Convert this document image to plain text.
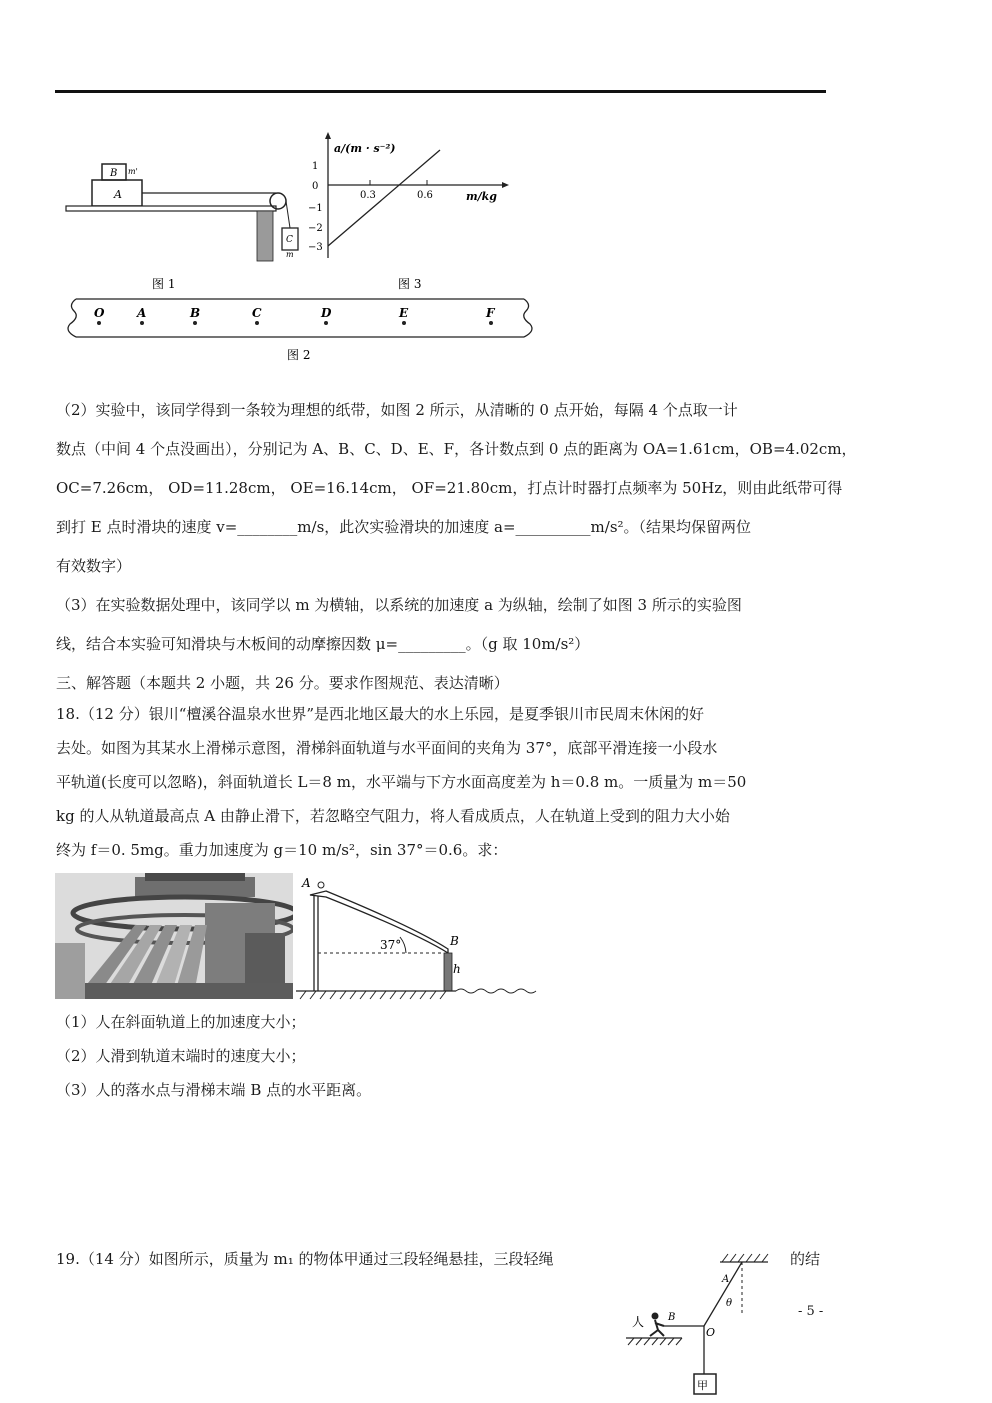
A
B m'
C
m
图 1
a/(m · s⁻²)
m/kg
1
0
−1
−2
−3
0.3	0.6
图 3
O	A	B	C	D	E	F
图 2
（2）实验中，该同学得到一条较为理想的纸带，如图 2 所示，从清晰的 0 点开始，每隔 4 个点取一计
数点（中间 4 个点没画出），分别记为 A、B、C、D、E、F，各计数点到 0 点的距离为 OA=1.61cm，OB=4.02cm，
OC=7.26cm， OD=11.28cm， OE=16.14cm， OF=21.80cm，打点计时器打点频率为 50Hz，则由此纸带可得
到打 E 点时滑块的速度 v=________m/s，此次实验滑块的加速度 a=__________m/s²。（结果均保留两位
有效数字）
（3）在实验数据处理中，该同学以 m 为横轴，以系统的加速度 a 为纵轴，绘制了如图 3 所示的实验图
线，结合本实验可知滑块与木板间的动摩擦因数 μ=_________。（g 取 10m/s²）
三、解答题（本题共 2 小题，共 26 分。要求作图规范、表达清晰）
18.（12 分）银川“檀溪谷温泉水世界”是西北地区最大的水上乐园，是夏季银川市民周末休闲的好
去处。如图为其某水上滑梯示意图，滑梯斜面轨道与水平面间的夹角为 37°，底部平滑连接一小段水
平轨道(长度可以忽略)，斜面轨道长 L＝8 m，水平端与下方水面高度差为 h＝0.8 m。一质量为 m＝50
kg 的人从轨道最高点 A 由静止滑下，若忽略空气阻力，将人看成质点，人在轨道上受到的阻力大小始
终为 f＝0. 5mg。重力加速度为 g＝10 m/s²，sin 37°＝0.6。求：
A
37°	B
h
（1）人在斜面轨道上的加速度大小；
（2）人滑到轨道末端时的速度大小；
（3）人的落水点与滑梯末端 B 点的水平距离。
19.（14 分）如图所示，质量为 m₁ 的物体甲通过三段轻绳悬挂，三段轻绳	的结
- 5 -
A
θ
B
O
甲
人
